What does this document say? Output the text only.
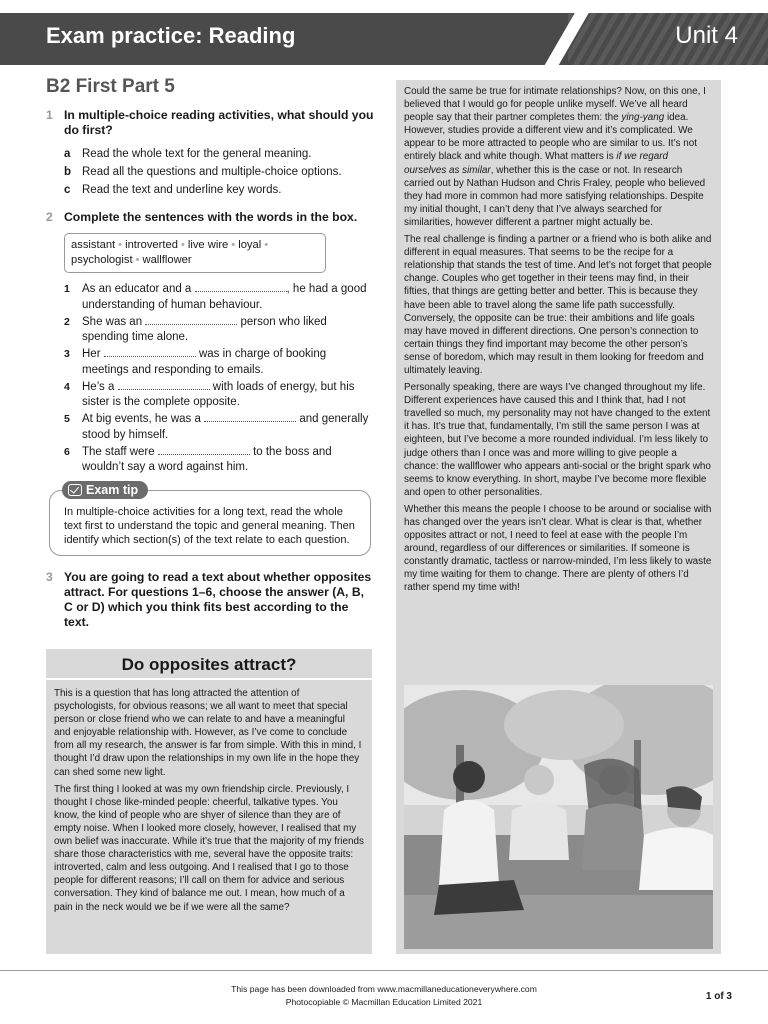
Exam practice: Reading	Unit 4
B2 First Part 5
1 In multiple-choice reading activities, what should you do first?
a Read the whole text for the general meaning.
b Read all the questions and multiple-choice options.
c Read the text and underline key words.
2 Complete the sentences with the words in the box.
assistant • introverted • live wire • loyal •
psychologist • wallflower
1 As an educator and a	, he had a good understanding of human behaviour.
2 She was an	person who liked spending time alone.
3 Her	was in charge of booking meetings and responding to emails.
4 He’s a	with loads of energy, but his sister is the complete opposite.
5 At big events, he was a	and generally stood by himself.
6 The staff were	to the boss and wouldn’t say a word against him.
Exam tip
In multiple-choice activities for a long text, read the whole text first to understand the topic and general meaning. Then identify which section(s) of the text relate to each question.
3 You are going to read a text about whether opposites attract. For questions 1–6, choose the answer (A, B, C or D) which you think fits best according to the text.
Do opposites attract?

This is a question that has long attracted the attention of psychologists, for obvious reasons; we all want to meet that special person or close friend who we can relate to and have a meaningful and enjoyable relationship with. However, as I’ve come to conclude from all my research, the answer is far from simple. With this in mind, I thought I’d draw upon the relationships in my own life in the hope they can shed some new light.

The first thing I looked at was my own friendship circle. Previously, I thought I chose like-minded people: cheerful, talkative types. You know, the kind of people who are shyer of silence than they are of empty noise. When I looked more closely, however, I realised that my own belief was inaccurate. While it’s true that the majority of my friends share those characteristics with me, several have the opposite traits: introverted, calm and less outgoing. And I realised that I go to those people for different reasons; I’ll call on them for advice and serious conversation. They kind of balance me out. I mean, how much of a pain in the neck would we be if we were all the same?

Could the same be true for intimate relationships? Now, on this one, I believed that I would go for people unlike myself. We’ve all heard people say that their partner completes them: the ying-yang idea. However, studies provide a different view and it’s complicated. We appear to be more attracted to people who are similar to us. It’s not entirely black and white though. What matters is if we regard ourselves as similar, whether this is the case or not. In research carried out by Nathan Hudson and Chris Fraley, people who believed they had more in common had more satisfying relationships. Despite my initial thought, I can’t deny that I’ve always searched for similarities, however different a partner might actually be.

The real challenge is finding a partner or a friend who is both alike and different in equal measures. That seems to be the recipe for a relationship that stands the test of time. And let’s not forget that people change. Couples who get together in their teens may find, in their fifties, that things are getting better and better. This is because they have been able to travel along the same life path successfully. Conversely, the opposite can be true: their ambitions and life goals may have moved in different directions. One person’s connection to certain things they find important may become the other person’s sense of boredom, which may result in them looking for freedom and ultimately leaving.

Personally speaking, there are ways I’ve changed throughout my life. Different experiences have caused this and I think that, had I not travelled so much, my personality may not have changed to the extent it has. It’s true that, fundamentally, I’m still the same person I was at eighteen, but I’ve become a more rounded individual. I’m less likely to judge others than I once was and more willing to give people a chance: the wallflower who appears anti-social or the bright spark who seems to know everything. In short, maybe I’ve become more flexible and open to other personalities.

Whether this means the people I choose to be around or socialise with has changed over the years isn’t clear. What is clear is that, whether opposites attract or not, I need to feel at ease with the people I’m around, regardless of our differences or similarities. If someone is constantly dramatic, tactless or narrow-minded, I’m less likely to waste my time waiting for them to change. There are plenty of others I’d rather spend my time with!

This page has been downloaded from www.macmillaneducationeverywhere.com
Photocopiable © Macmillan Education Limited 2021	1 of 3
